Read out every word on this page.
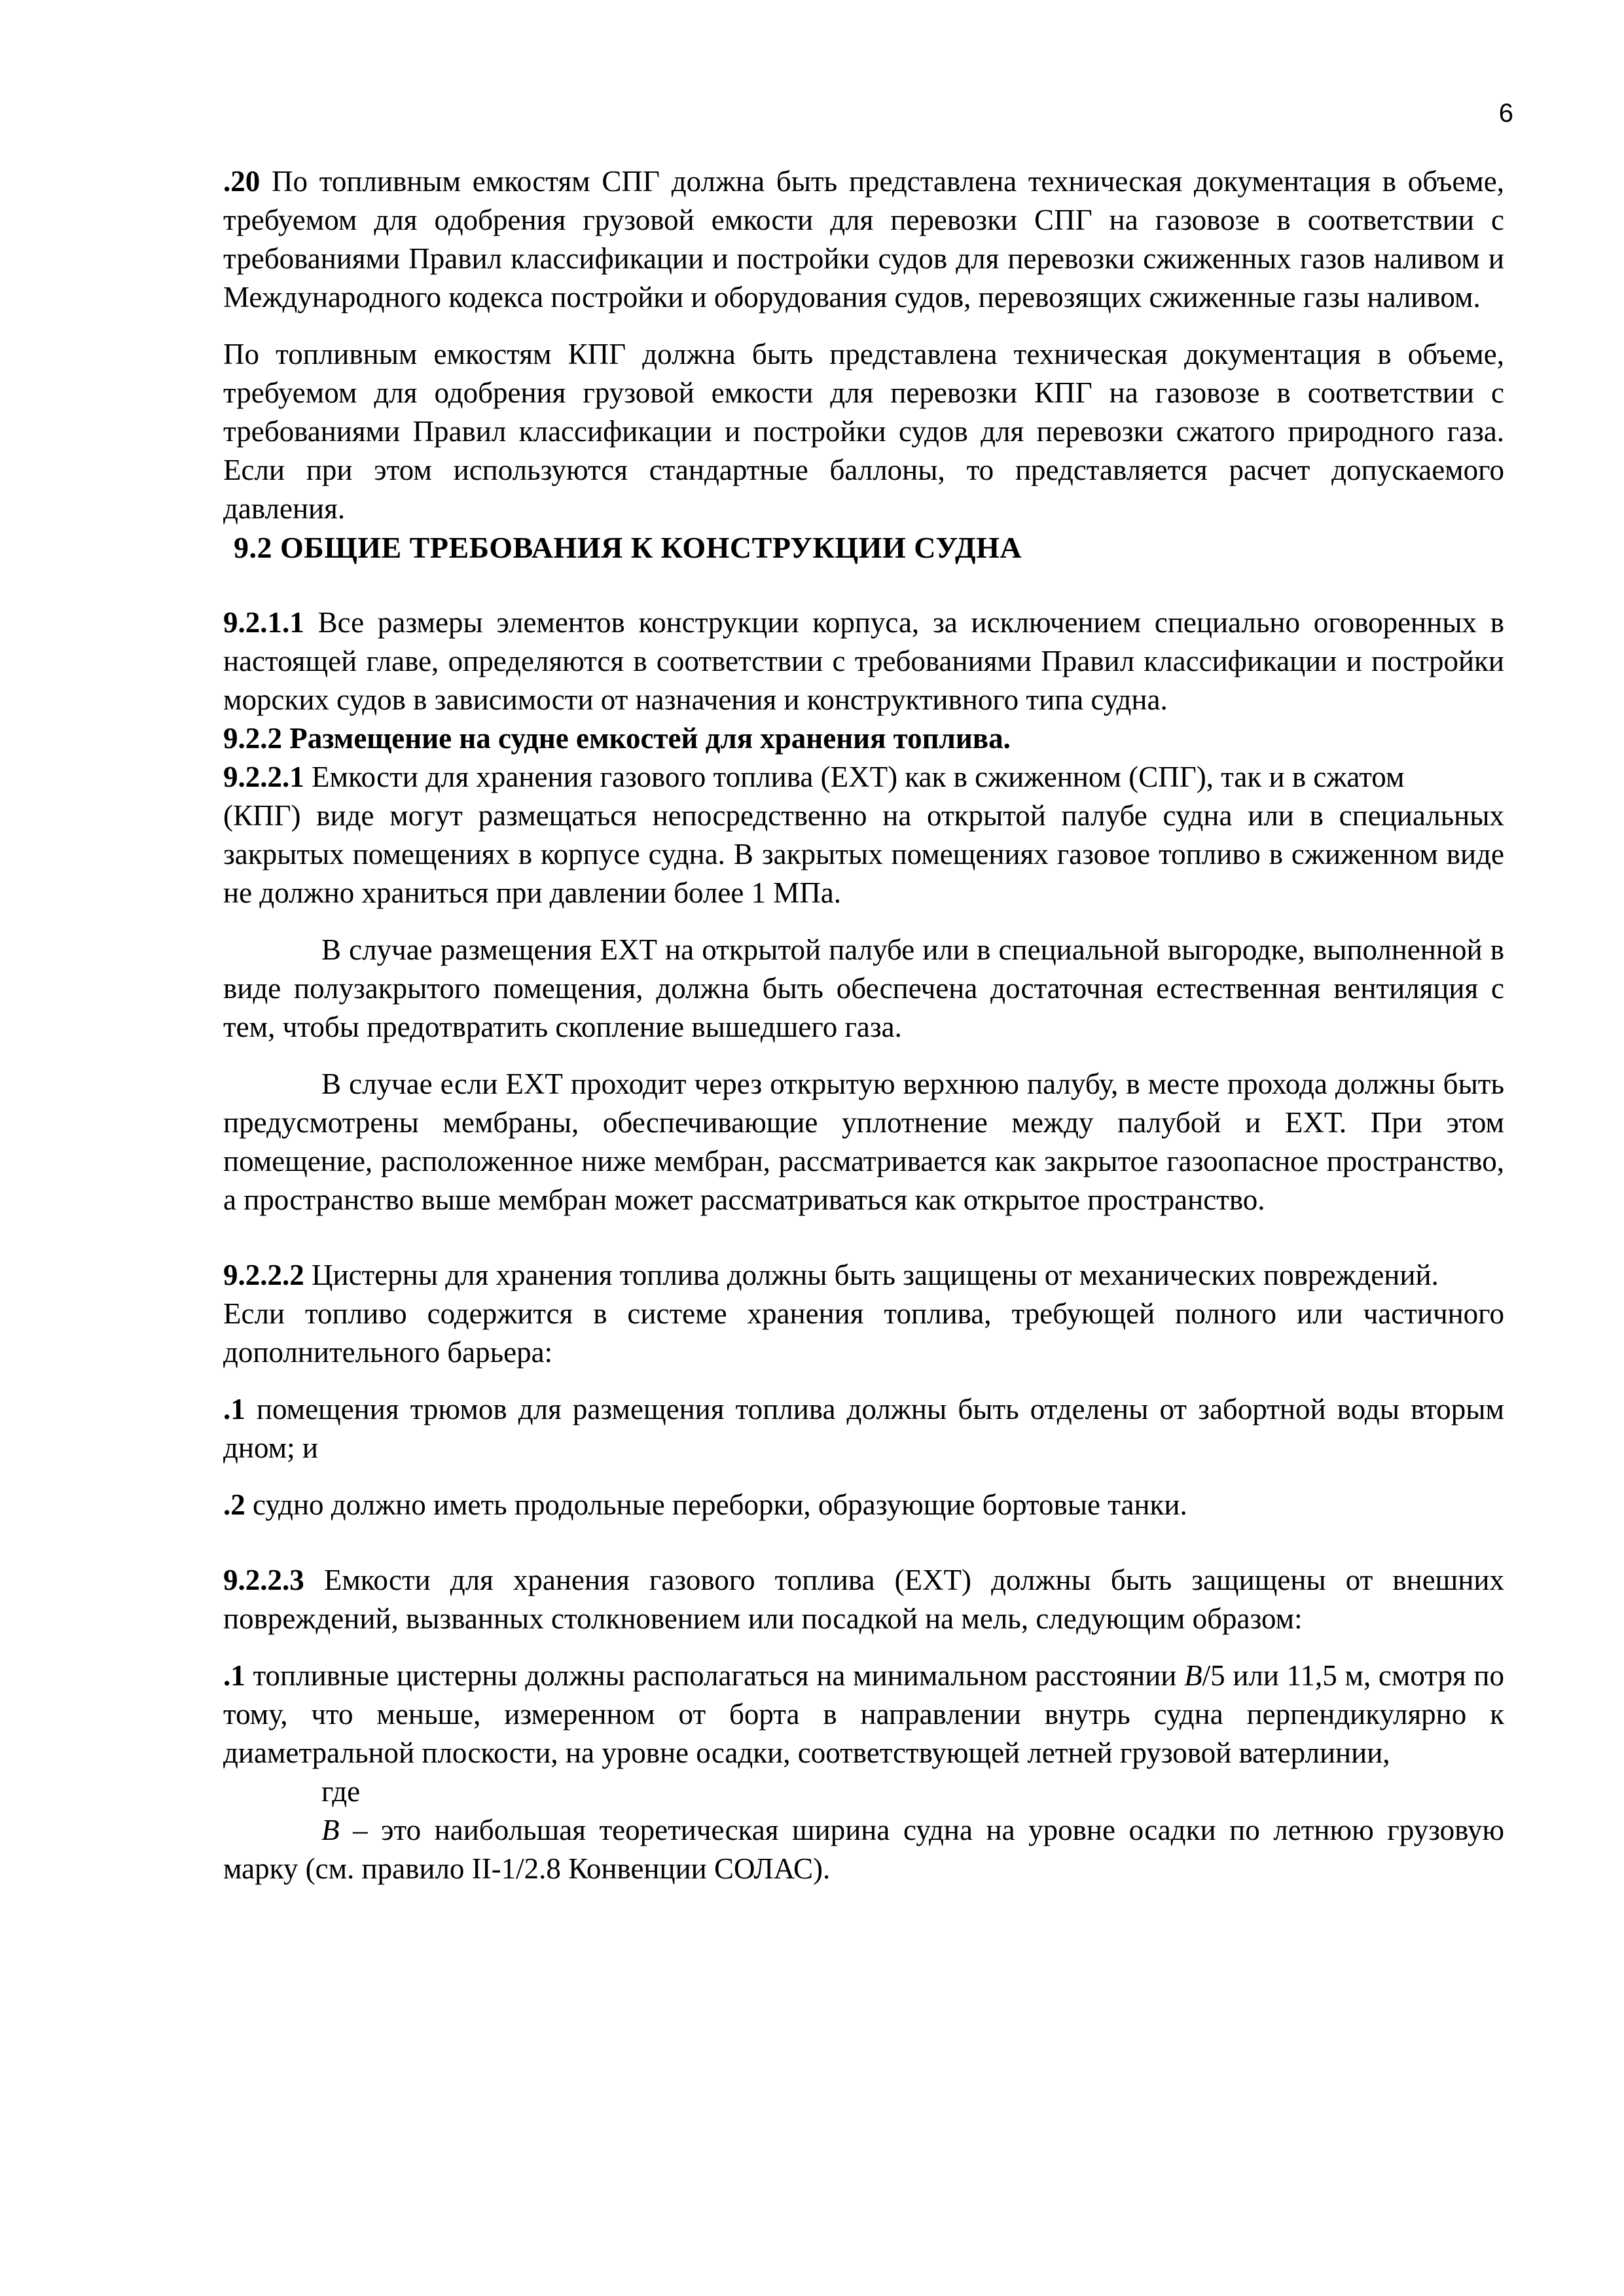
6

.20 По топливным емкостям СПГ должна быть представлена техническая документация в объеме, требуемом для одобрения грузовой емкости для перевозки СПГ на газовозе в соответствии с требованиями Правил классификации и постройки судов для перевозки сжиженных газов наливом и Международного кодекса постройки и оборудования судов, перевозящих сжиженные газы наливом.

По топливным емкостям КПГ должна быть представлена техническая документация в объеме, требуемом для одобрения грузовой емкости для перевозки КПГ на газовозе в соответствии с требованиями Правил классификации и постройки судов для перевозки сжатого природного газа. Если при этом используются стандартные баллоны, то представляется расчет допускаемого давления.

9.2 ОБЩИЕ ТРЕБОВАНИЯ К КОНСТРУКЦИИ СУДНА

9.2.1.1 Все размеры элементов конструкции корпуса, за исключением специально оговоренных в настоящей главе, определяются в соответствии с требованиями Правил классификации и постройки морских судов в зависимости от назначения и конструктивного типа судна.

9.2.2 Размещение на судне емкостей для хранения топлива.

9.2.2.1 Емкости для хранения газового топлива (ЕХТ) как в сжиженном (СПГ), так и в сжатом

(КПГ) виде могут размещаться непосредственно на открытой палубе судна или в специальных закрытых помещениях в корпусе судна. В закрытых помещениях газовое топливо в сжиженном виде не должно храниться при давлении более 1 МПа.

В случае размещения ЕХТ на открытой палубе или в специальной выгородке, выполненной в виде полузакрытого помещения, должна быть обеспечена достаточная естественная вентиляция с тем, чтобы предотвратить скопление вышедшего газа.

В случае если ЕХТ проходит через открытую верхнюю палубу, в месте прохода должны быть предусмотрены мембраны, обеспечивающие уплотнение между палубой и ЕХТ. При этом помещение, расположенное ниже мембран, рассматривается как закрытое газоопасное пространство, а пространство выше мембран может рассматриваться как открытое пространство.

9.2.2.2 Цистерны для хранения топлива должны быть защищены от механических повреждений.

Если топливо содержится в системе хранения топлива, требующей полного или частичного дополнительного барьера:

.1 помещения трюмов для размещения топлива должны быть отделены от забортной воды вторым дном; и

.2 судно должно иметь продольные переборки, образующие бортовые танки.

9.2.2.3 Емкости для хранения газового топлива (ЕХТ) должны быть защищены от внешних повреждений, вызванных столкновением или посадкой на мель, следующим образом:

.1 топливные цистерны должны располагаться на минимальном расстоянии B/5 или 11,5 м, смотря по тому, что меньше, измеренном от борта в направлении внутрь судна перпендикулярно к диаметральной плоскости, на уровне осадки, соответствующей летней грузовой ватерлинии,

где

B – это наибольшая теоретическая ширина судна на уровне осадки по летнюю грузовую марку (см. правило II-1/2.8 Конвенции СОЛАС).
